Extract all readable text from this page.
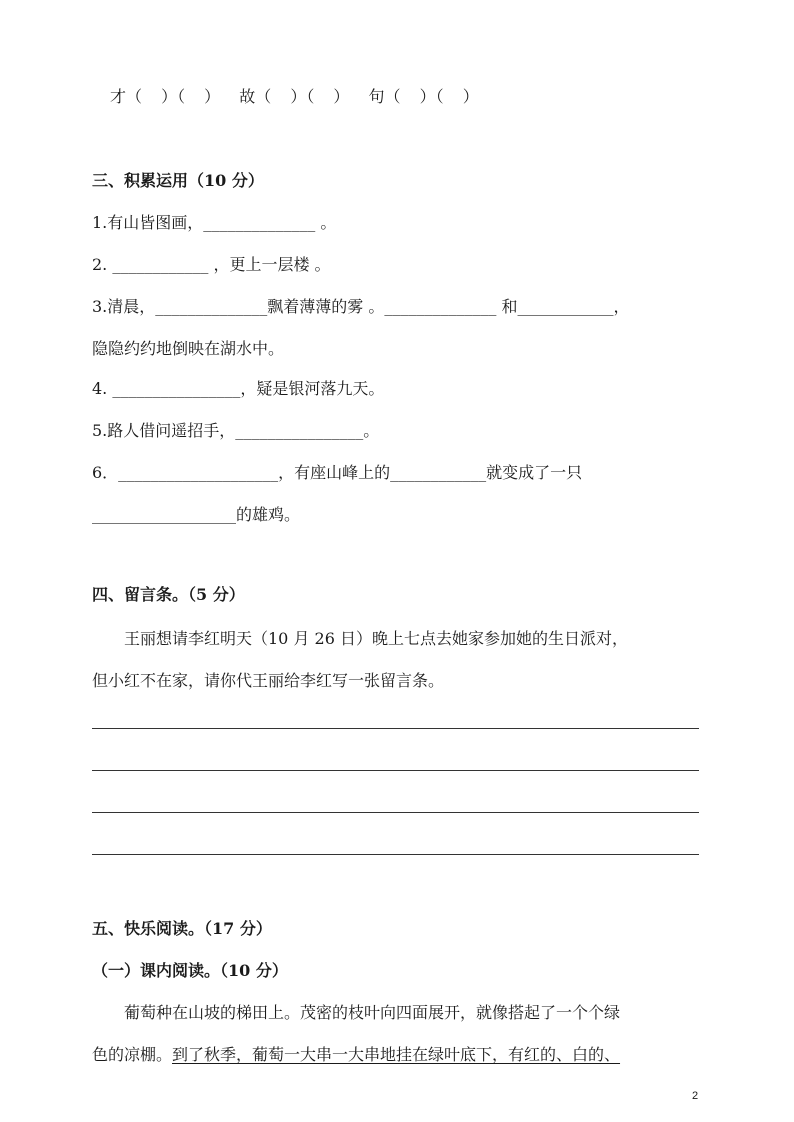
才（ ）（ ） 故（ ）（ ） 句（ ）（ ）
三、积累运用（10 分）
1.有山皆图画，______________ 。
2. ____________ ，更上一层楼 。
3.清晨，______________飘着薄薄的雾 。______________ 和____________，
隐隐约约地倒映在湖水中。
4. ________________，疑是银河落九天。
5.路人借问遥招手，________________。
6．____________________，有座山峰上的____________就变成了一只
__________________的雄鸡。
四、留言条。（5 分）
王丽想请李红明天（10 月 26 日）晚上七点去她家参加她的生日派对，
但小红不在家，请你代王丽给李红写一张留言条。
五、快乐阅读。（17 分）
（一）课内阅读。（10 分）
葡萄种在山坡的梯田上。茂密的枝叶向四面展开，就像搭起了一个个绿
色的凉棚。到了秋季，葡萄一大串一大串地挂在绿叶底下，有红的、白的、
2
